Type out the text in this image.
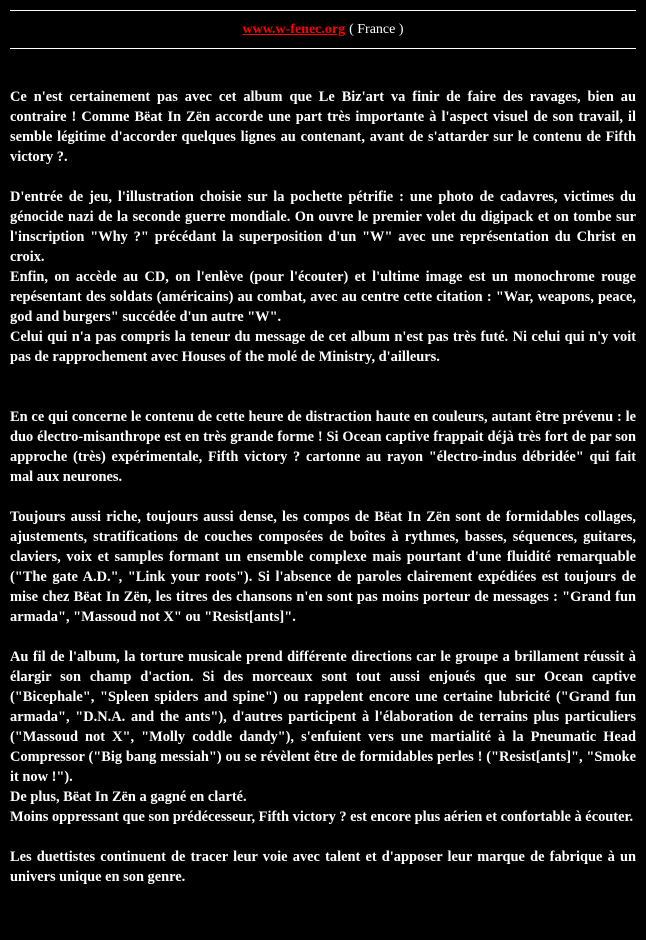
www.w-fenec.org ( France )

Ce n'est certainement pas avec cet album que Le Biz'art va finir de faire des ravages, bien au contraire ! Comme Bëat In Zën accorde une part très importante à l'aspect visuel de son travail, il semble légitime d'accorder quelques lignes au contenant, avant de s'attarder sur le contenu de Fifth victory ?.

D'entrée de jeu, l'illustration choisie sur la pochette pétrifie : une photo de cadavres, victimes du génocide nazi de la seconde guerre mondiale. On ouvre le premier volet du digipack et on tombe sur l'inscription "Why ?" précédant la superposition d'un "W" avec une représentation du Christ en croix.

Enfin, on accède au CD, on l'enlève (pour l'écouter) et l'ultime image est un monochrome rouge repésentant des soldats (américains) au combat, avec au centre cette citation : "War, weapons, peace, god and burgers" succédée d'un autre "W".

Celui qui n'a pas compris la teneur du message de cet album n'est pas très futé. Ni celui qui n'y voit pas de rapprochement avec Houses of the molé de Ministry, d'ailleurs.

En ce qui concerne le contenu de cette heure de distraction haute en couleurs, autant être prévenu : le duo électro-misanthrope est en très grande forme ! Si Ocean captive frappait déjà très fort de par son approche (très) expérimentale, Fifth victory ? cartonne au rayon "électro-indus débridée" qui fait mal aux neurones.

Toujours aussi riche, toujours aussi dense, les compos de Bëat In Zën sont de formidables collages, ajustements, stratifications de couches composées de boîtes à rythmes, basses, séquences, guitares, claviers, voix et samples formant un ensemble complexe mais pourtant d'une fluidité remarquable ("The gate A.D.", "Link your roots"). Si l'absence de paroles clairement expédiées est toujours de mise chez Bëat In Zën, les titres des chansons n'en sont pas moins porteur de messages : "Grand fun armada", "Massoud not X" ou "Resist[ants]".

Au fil de l'album, la torture musicale prend différente directions car le groupe a brillament réussit à élargir son champ d'action. Si des morceaux sont tout aussi enjoués que sur Ocean captive ("Bicephale", "Spleen spiders and spine") ou rappelent encore une certaine lubricité ("Grand fun armada", "D.N.A. and the ants"), d'autres participent à l'élaboration de terrains plus particuliers ("Massoud not X", "Molly coddle dandy"), s'enfuient vers une martialité à la Pneumatic Head Compressor ("Big bang messiah") ou se révèlent être de formidables perles ! ("Resist[ants]", "Smoke it now !").

De plus, Bëat In Zën a gagné en clarté.

Moins oppressant que son prédécesseur, Fifth victory ? est encore plus aérien et confortable à écouter.

Les duettistes continuent de tracer leur voie avec talent et d'apposer leur marque de fabrique à un univers unique en son genre.
